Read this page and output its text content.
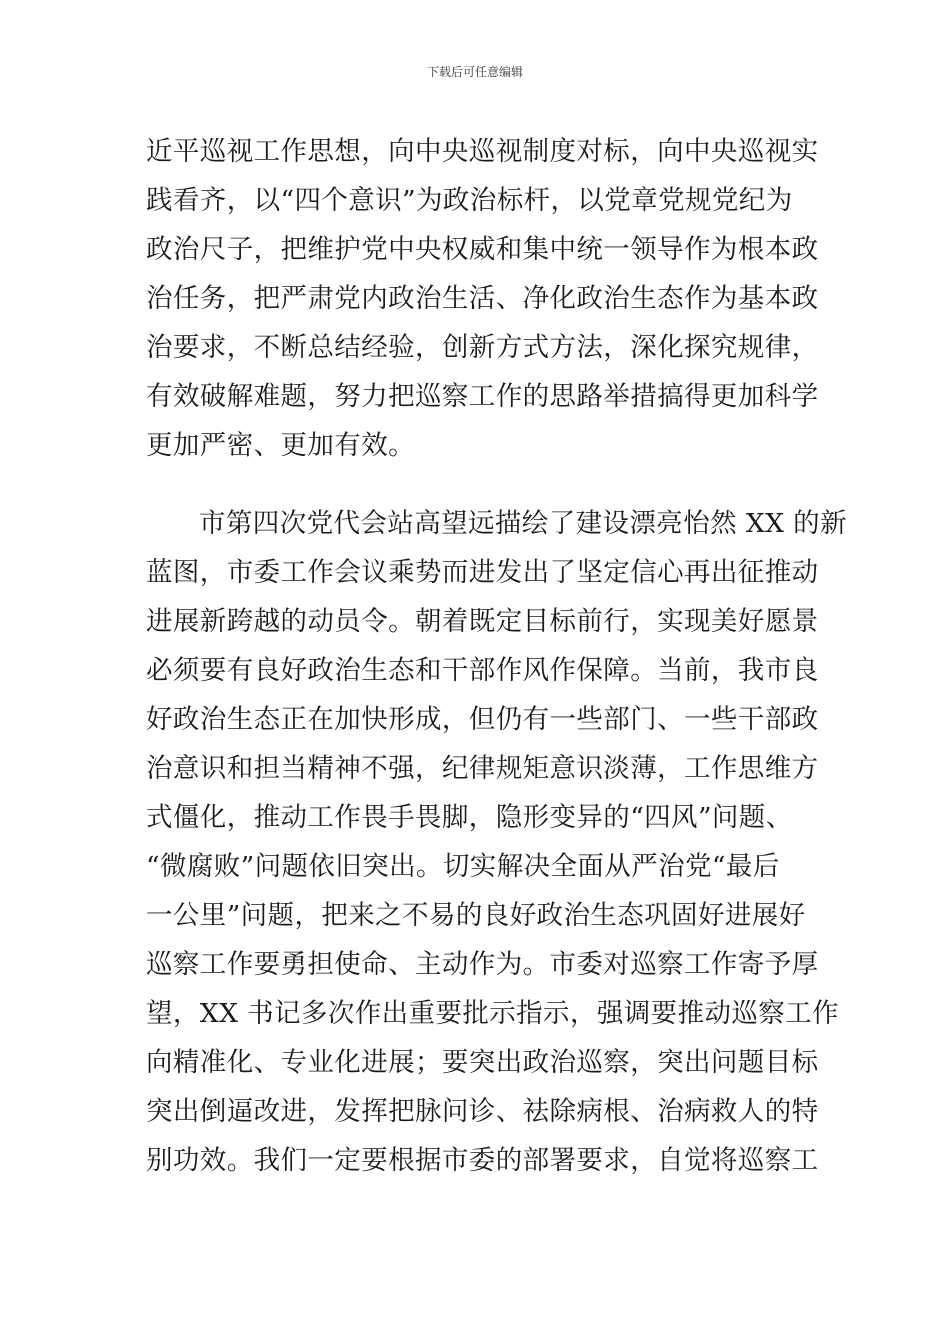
下载后可任意编辑
近平巡视工作思想，向中央巡视制度对标，向中央巡视实
践看齐，以“四个意识”为政治标杆，以党章党规党纪为
政治尺子，把维护党中央权威和集中统一领导作为根本政
治任务，把严肃党内政治生活、净化政治生态作为基本政
治要求，不断总结经验，创新方式方法，深化探究规律，
有效破解难题，努力把巡察工作的思路举措搞得更加科学
更加严密、更加有效。
市第四次党代会站高望远描绘了建设漂亮怡然 XX 的新
蓝图，市委工作会议乘势而进发出了坚定信心再出征推动
进展新跨越的动员令。朝着既定目标前行，实现美好愿景
必须要有良好政治生态和干部作风作保障。当前，我市良
好政治生态正在加快形成，但仍有一些部门、一些干部政
治意识和担当精神不强，纪律规矩意识淡薄，工作思维方
式僵化，推动工作畏手畏脚，隐形变异的“四风”问题、
“微腐败”问题依旧突出。切实解决全面从严治党“最后
一公里”问题，把来之不易的良好政治生态巩固好进展好
巡察工作要勇担使命、主动作为。市委对巡察工作寄予厚
望，XX 书记多次作出重要批示指示，强调要推动巡察工作
向精准化、专业化进展；要突出政治巡察，突出问题目标
突出倒逼改进，发挥把脉问诊、祛除病根、治病救人的特
别功效。我们一定要根据市委的部署要求，自觉将巡察工
